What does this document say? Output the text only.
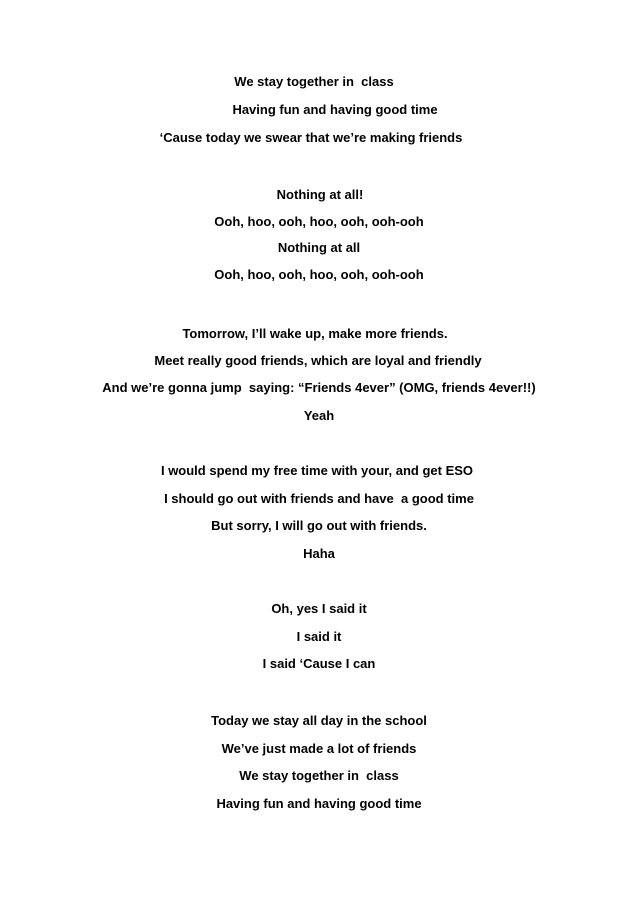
We stay together in  class
Having fun and having good time
‘Cause today we swear that we’re making friends
Nothing at all!
Ooh, hoo, ooh, hoo, ooh, ooh-ooh
Nothing at all
Ooh, hoo, ooh, hoo, ooh, ooh-ooh
Tomorrow, I’ll wake up, make more friends.
Meet really good friends, which are loyal and friendly
And we’re gonna jump  saying: “Friends 4ever” (OMG, friends 4ever!!)
Yeah
I would spend my free time with your, and get ESO
I should go out with friends and have  a good time
But sorry, I will go out with friends.
Haha
Oh, yes I said it
I said it
I said ‘Cause I can
Today we stay all day in the school
We’ve just made a lot of friends
We stay together in  class
Having fun and having good time
